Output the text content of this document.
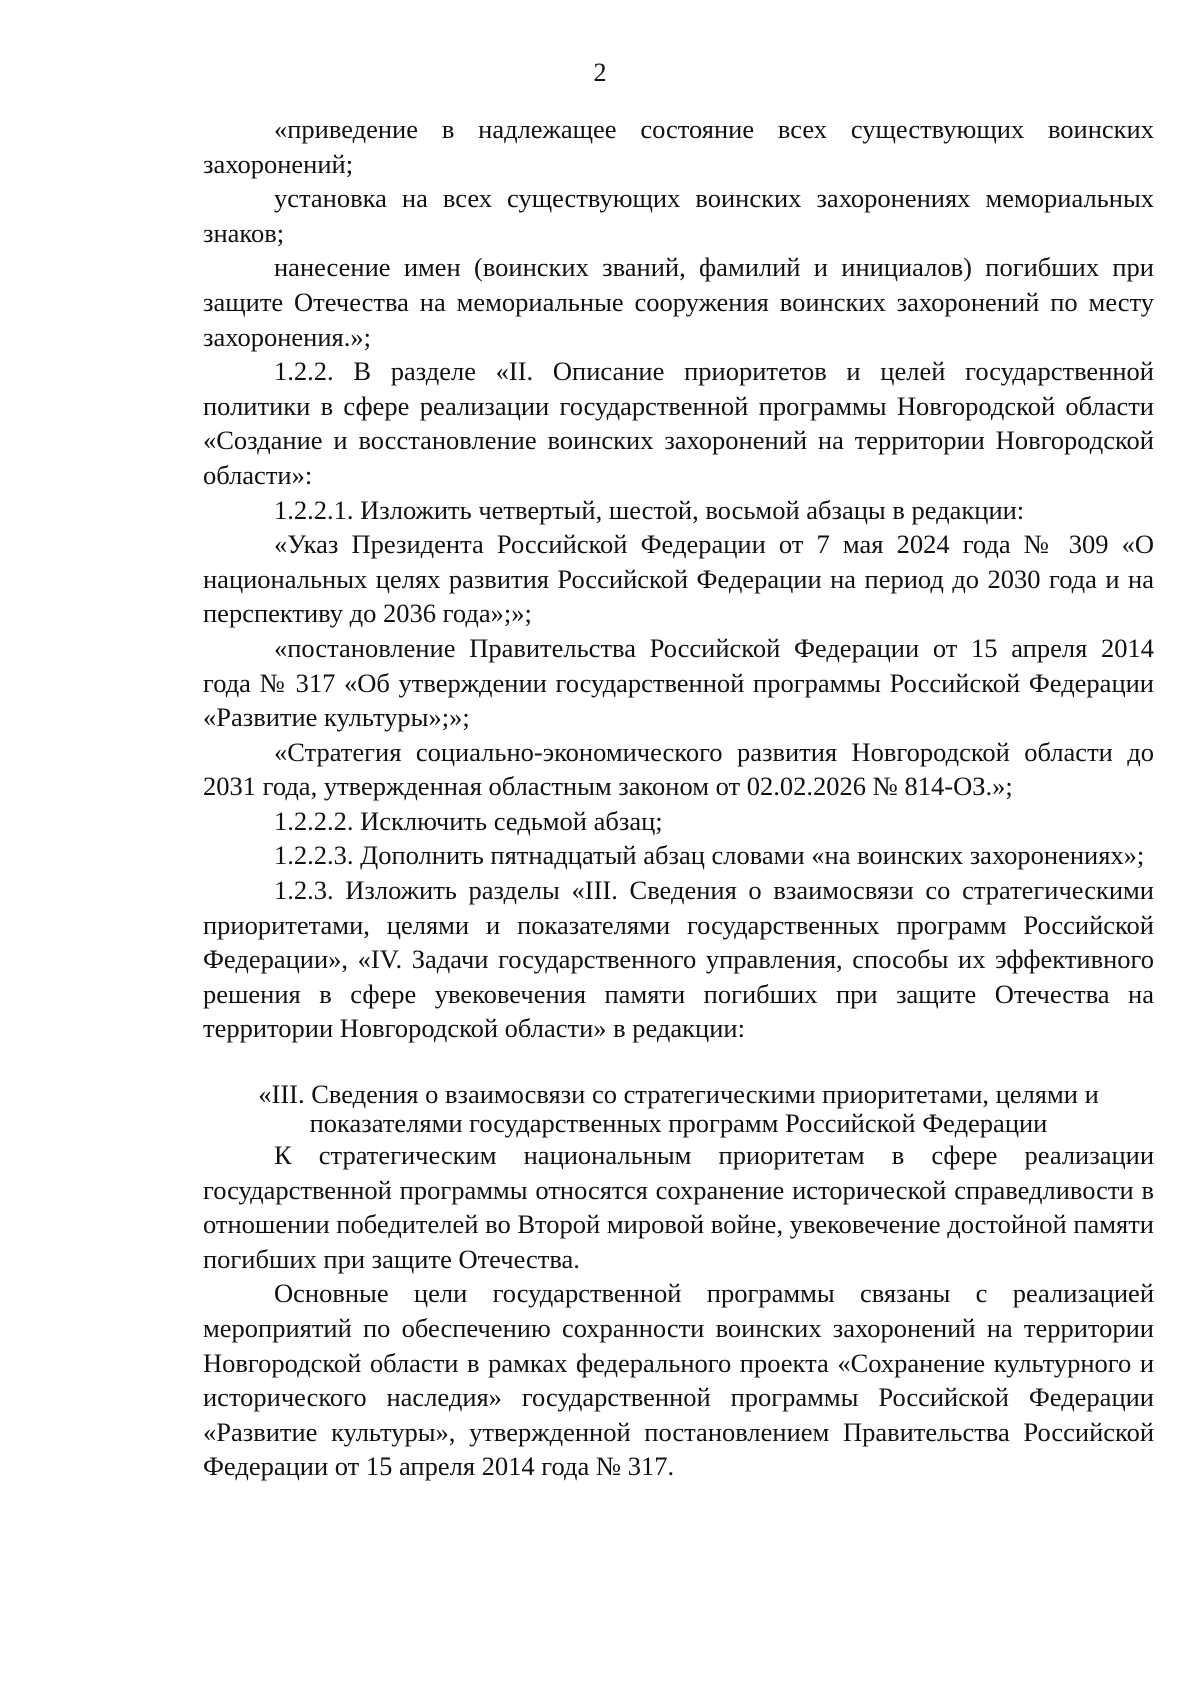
2

«приведение в надлежащее состояние всех существующих воинских захоронений;

установка на всех существующих воинских захоронениях мемориальных знаков;

нанесение имен (воинских званий, фамилий и инициалов) погибших при защите Отечества на мемориальные сооружения воинских захоронений по месту захоронения.»;

1.2.2. В разделе «II. Описание приоритетов и целей государственной политики в сфере реализации государственной программы Новгородской области «Создание и восстановление воинских захоронений на территории Новгородской области»:

1.2.2.1. Изложить четвертый, шестой, восьмой абзацы в редакции:

«Указ Президента Российской Федерации от 7 мая 2024 года № 309 «О национальных целях развития Российской Федерации на период до 2030 года и на перспективу до 2036 года»;»;

«постановление Правительства Российской Федерации от 15 апреля 2014 года № 317 «Об утверждении государственной программы Российской Федерации «Развитие культуры»;»;

«Стратегия социально-экономического развития Новгородской области до 2031 года, утвержденная областным законом от 02.02.2026 № 814-ОЗ.»;

1.2.2.2. Исключить седьмой абзац;

1.2.2.3. Дополнить пятнадцатый абзац словами «на воинских захоронениях»;

1.2.3. Изложить разделы «III. Сведения о взаимосвязи со стратегическими приоритетами, целями и показателями государственных программ Российской Федерации», «IV. Задачи государственного управления, способы их эффективного решения в сфере увековечения памяти погибших при защите Отечества на территории Новгородской области» в редакции:

«III. Сведения о взаимосвязи со стратегическими приоритетами, целями и показателями государственных программ Российской Федерации

К стратегическим национальным приоритетам в сфере реализации государственной программы относятся сохранение исторической справедливости в отношении победителей во Второй мировой войне, увековечение достойной памяти погибших при защите Отечества.

Основные цели государственной программы связаны с реализацией мероприятий по обеспечению сохранности воинских захоронений на территории Новгородской области в рамках федерального проекта «Сохранение культурного и исторического наследия» государственной программы Российской Федерации «Развитие культуры», утвержденной постановлением Правительства Российской Федерации от 15 апреля 2014 года № 317.
